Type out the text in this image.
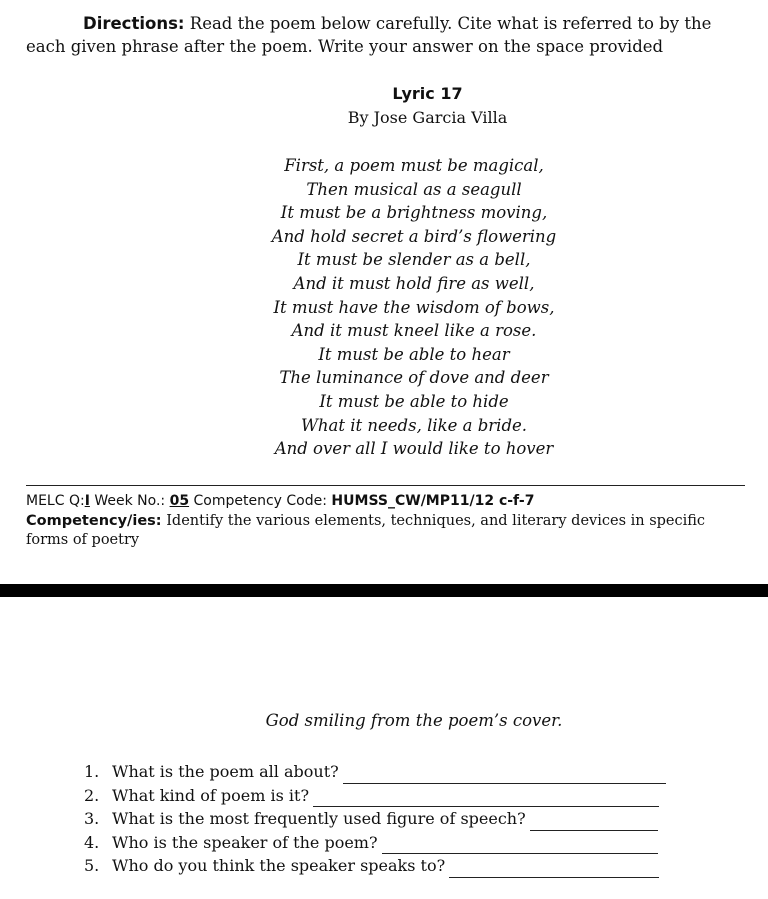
Directions: Read the poem below carefully. Cite what is referred to by the each given phrase after the poem. Write your answer on the space provided
Lyric 17
By Jose Garcia Villa
First, a poem must be magical,
Then musical as a seagull
It must be a brightness moving,
And hold secret a bird’s flowering
It must be slender as a bell,
And it must hold fire as well,
It must have the wisdom of bows,
And it must kneel like a rose.
It must be able to hear
The luminance of dove and deer
It must be able to hide
What it needs, like a bride.
And over all I would like to hover
MELC Q:I Week No.: 05 Competency Code: HUMSS_CW/MP11/12 c-f-7
Competency/ies: Identify the various elements, techniques, and literary devices in specific forms of poetry
God smiling from the poem’s cover.
1. What is the poem all about?
2. What kind of poem is it?
3. What is the most frequently used figure of speech?
4. Who is the speaker of the poem?
5. Who do you think the speaker speaks to?
